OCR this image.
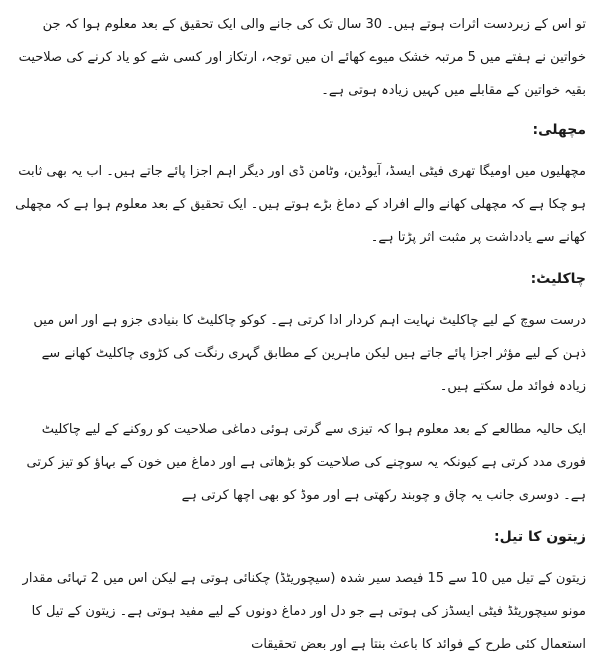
تو اس کے زبردست اثرات ہوتے ہیں۔ 30 سال تک کی جانے والی ایک تحقیق کے بعد معلوم ہوا کہ جن خواتین نے ہفتے میں 5 مرتبہ خشک میوے کھائے ان میں توجہ، ارتکاز اور کسی شے کو یاد کرنے کی صلاحیت بقیہ خواتین کے مقابلے میں کہیں زیادہ ہوتی ہے۔

مچھلی:

مچھلیوں میں اومیگا تھری فیٹی ایسڈ، آیوڈین، وٹامن ڈی اور دیگر اہم اجزا پائے جاتے ہیں۔ اب یہ بھی ثابت ہو چکا ہے کہ مچھلی کھانے والے افراد کے دماغ بڑے ہوتے ہیں۔ ایک تحقیق کے بعد معلوم ہوا ہے کہ مچھلی کھانے سے یادداشت پر مثبت اثر پڑتا ہے۔

چاکلیٹ:

درست سوچ کے لیے چاکلیٹ نہایت اہم کردار ادا کرتی ہے۔ کوکو چاکلیٹ کا بنیادی جزو ہے اور اس میں ذہن کے لیے مؤثر اجزا پائے جاتے ہیں لیکن ماہرین کے مطابق گہری رنگت کی کڑوی چاکلیٹ کھانے سے زیادہ فوائد مل سکتے ہیں۔

ایک حالیہ مطالعے کے بعد معلوم ہوا کہ تیزی سے گرتی ہوئی دماغی صلاحیت کو روکنے کے لیے چاکلیٹ فوری مدد کرتی ہے کیونکہ یہ سوچنے کی صلاحیت کو بڑھاتی ہے اور دماغ میں خون کے بہاؤ کو تیز کرتی ہے۔ دوسری جانب یہ چاق و چوبند رکھتی ہے اور موڈ کو بھی اچھا کرتی ہے

زیتون کا تیل:

زیتون کے تیل میں 10 سے 15 فیصد سیر شدہ (سیچوریٹڈ) چکنائی ہوتی ہے لیکن اس میں 2 تہائی مقدار مونو سیچوریٹڈ فیٹی ایسڈز کی ہوتی ہے جو دل اور دماغ دونوں کے لیے مفید ہوتی ہے۔ زیتون کے تیل کا استعمال کئی طرح کے فوائد کا باعث بنتا ہے اور بعض تحقیقات
